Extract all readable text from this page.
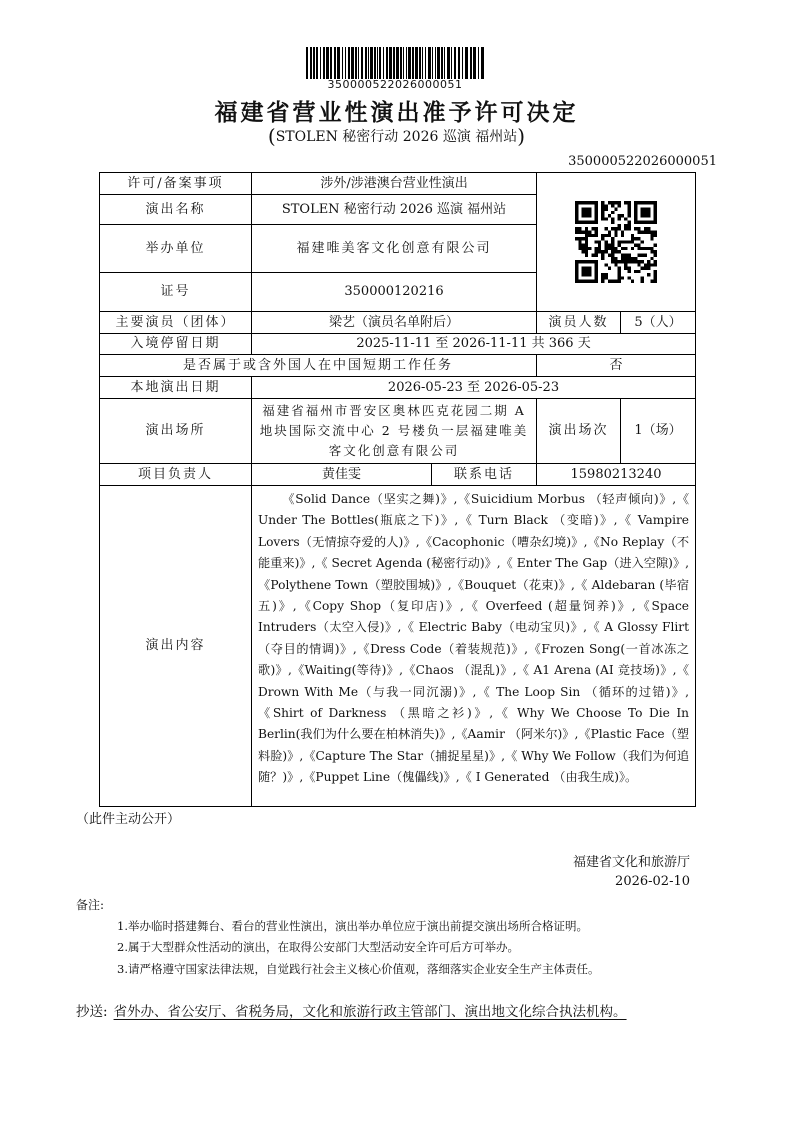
350000522026000051
福建省营业性演出准予许可决定
(STOLEN 秘密行动 2026 巡演 福州站)
350000522026000051
许可/备案事项	涉外/涉港澳台营业性演出	

演出名称	STOLEN 秘密行动 2026 巡演 福州站			
举办单位	福建唯美客文化创意有限公司			
证号	350000120216			
主要演员（团体）	梁艺（演员名单附后）		演员人数	5（人）
入境停留日期	2025-11-11 至 2026-11-11 共 366 天			
是否属于或含外国人在中国短期工作任务			否	
本地演出日期	2026-05-23 至 2026-05-23			
演出场所	福建省福州市晋安区奥林匹克花园二期 A 地块国际交流中心 2 号楼负一层福建唯美客文化创意有限公司		演出场次	1（场）
项目负责人	黄佳雯	联系电话	15980213240	
演出内容	《Solid Dance（坚实之舞)》,《Suicidium Morbus （轻声倾向)》,《 Under The Bottles(瓶底之下)》,《 Turn Black （变暗)》,《 Vampire Lovers（无情掠夺爱的人)》,《Cacophonic（嘈杂幻境)》,《No Replay（不能重来)》,《 Secret Agenda (秘密行动)》,《 Enter The Gap（进入空隙)》,《Polythene Town（塑胶围城)》,《Bouquet（花束)》,《 Aldebaran (毕宿五)》,《Copy Shop（复印店)》,《 Overfeed (超量饲养)》,《Space Intruders（太空入侵)》,《 Electric Baby（电动宝贝)》,《 A Glossy Flirt（夺目的情调)》,《Dress Code（着装规范)》,《Frozen Song(一首冰冻之歌)》,《Waiting(等待)》,《Chaos （混乱)》,《 A1 Arena (AI 竞技场)》,《 Drown With Me（与我一同沉溺)》,《 The Loop Sin （循环的过错)》,《Shirt of Darkness （黑暗之衫)》,《 Why We Choose To Die In Berlin(我们为什么要在柏林消失)》,《Aamir （阿米尔)》,《Plastic Face（塑料脸)》,《Capture The Star（捕捉星星)》,《 Why We Follow（我们为何追随？)》,《Puppet Line（傀儡线)》,《 I Generated （由我生成)》。			
（此件主动公开）
福建省文化和旅游厅
2026-02-10
备注:
1.举办临时搭建舞台、看台的营业性演出，演出举办单位应于演出前提交演出场所合格证明。
2.属于大型群众性活动的演出，在取得公安部门大型活动安全许可后方可举办。
3.请严格遵守国家法律法规，自觉践行社会主义核心价值观，落细落实企业安全生产主体责任。
抄送: 省外办、省公安厅、省税务局，文化和旅游行政主管部门、演出地文化综合执法机构。
